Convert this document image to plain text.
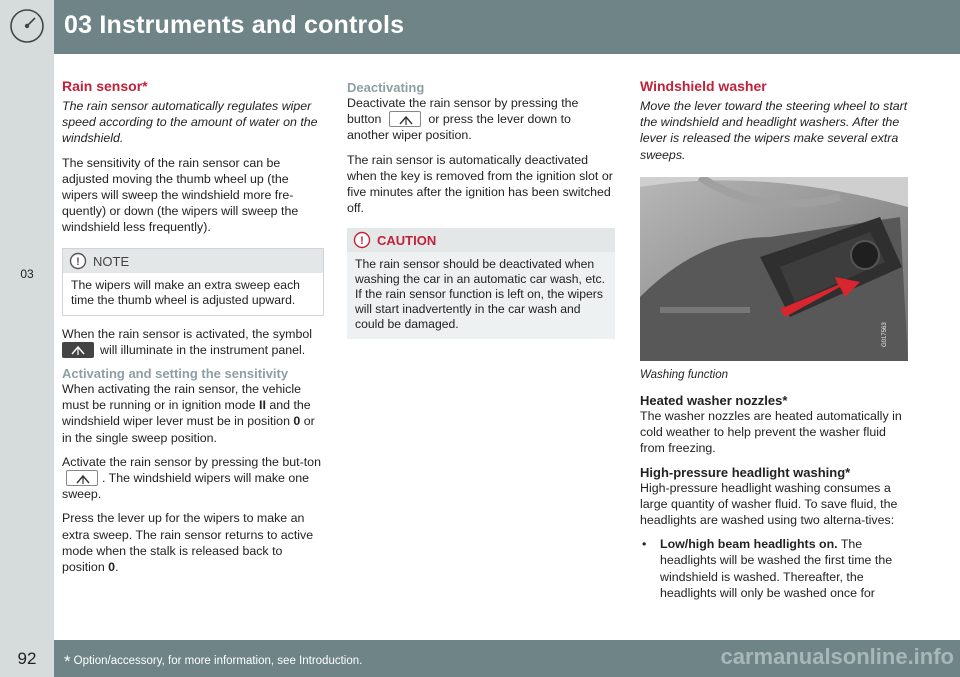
03 Instruments and controls
03
Rain sensor*
The rain sensor automatically regulates wiper speed according to the amount of water on the windshield.

The sensitivity of the rain sensor can be adjusted moving the thumb wheel up (the wipers will sweep the windshield more fre-quently) or down (the wipers will sweep the windshield less frequently).

! NOTE
The wipers will make an extra sweep each time the thumb wheel is adjusted upward.

When the rain sensor is activated, the symbol

will illuminate in the instrument panel.

Activating and setting the sensitivity

When activating the rain sensor, the vehicle must be running or in ignition mode II and the windshield wiper lever must be in position 0 or in the single sweep position.

Activate the rain sensor by pressing the but-ton
. The windshield wipers will make one sweep.

Press the lever up for the wipers to make an extra sweep. The rain sensor returns to active mode when the stalk is released back to position 0.

Deactivating

Deactivate the rain sensor by pressing the button	or press the lever down to another wiper position.

The rain sensor is automatically deactivated when the key is removed from the ignition slot or five minutes after the ignition has been switched off.

! CAUTION
The rain sensor should be deactivated when washing the car in an automatic car wash, etc. If the rain sensor function is left on, the wipers will start inadvertently in the car wash and could be damaged.
Windshield washer
Move the lever toward the steering wheel to start the windshield and headlight washers. After the lever is released the wipers make several extra sweeps.
G017563
Washing function
Heated washer nozzles*

The washer nozzles are heated automatically in cold weather to help prevent the washer fluid from freezing.

High-pressure headlight washing*

High-pressure headlight washing consumes a large quantity of washer fluid. To save fluid, the headlights are washed using two alterna-tives:

• Low/high beam headlights on. The headlights will be washed the first time the windshield is washed. Thereafter, the headlights will only be washed once for
92	* Option/accessory, for more information, see Introduction.	carmanualsonline.info
